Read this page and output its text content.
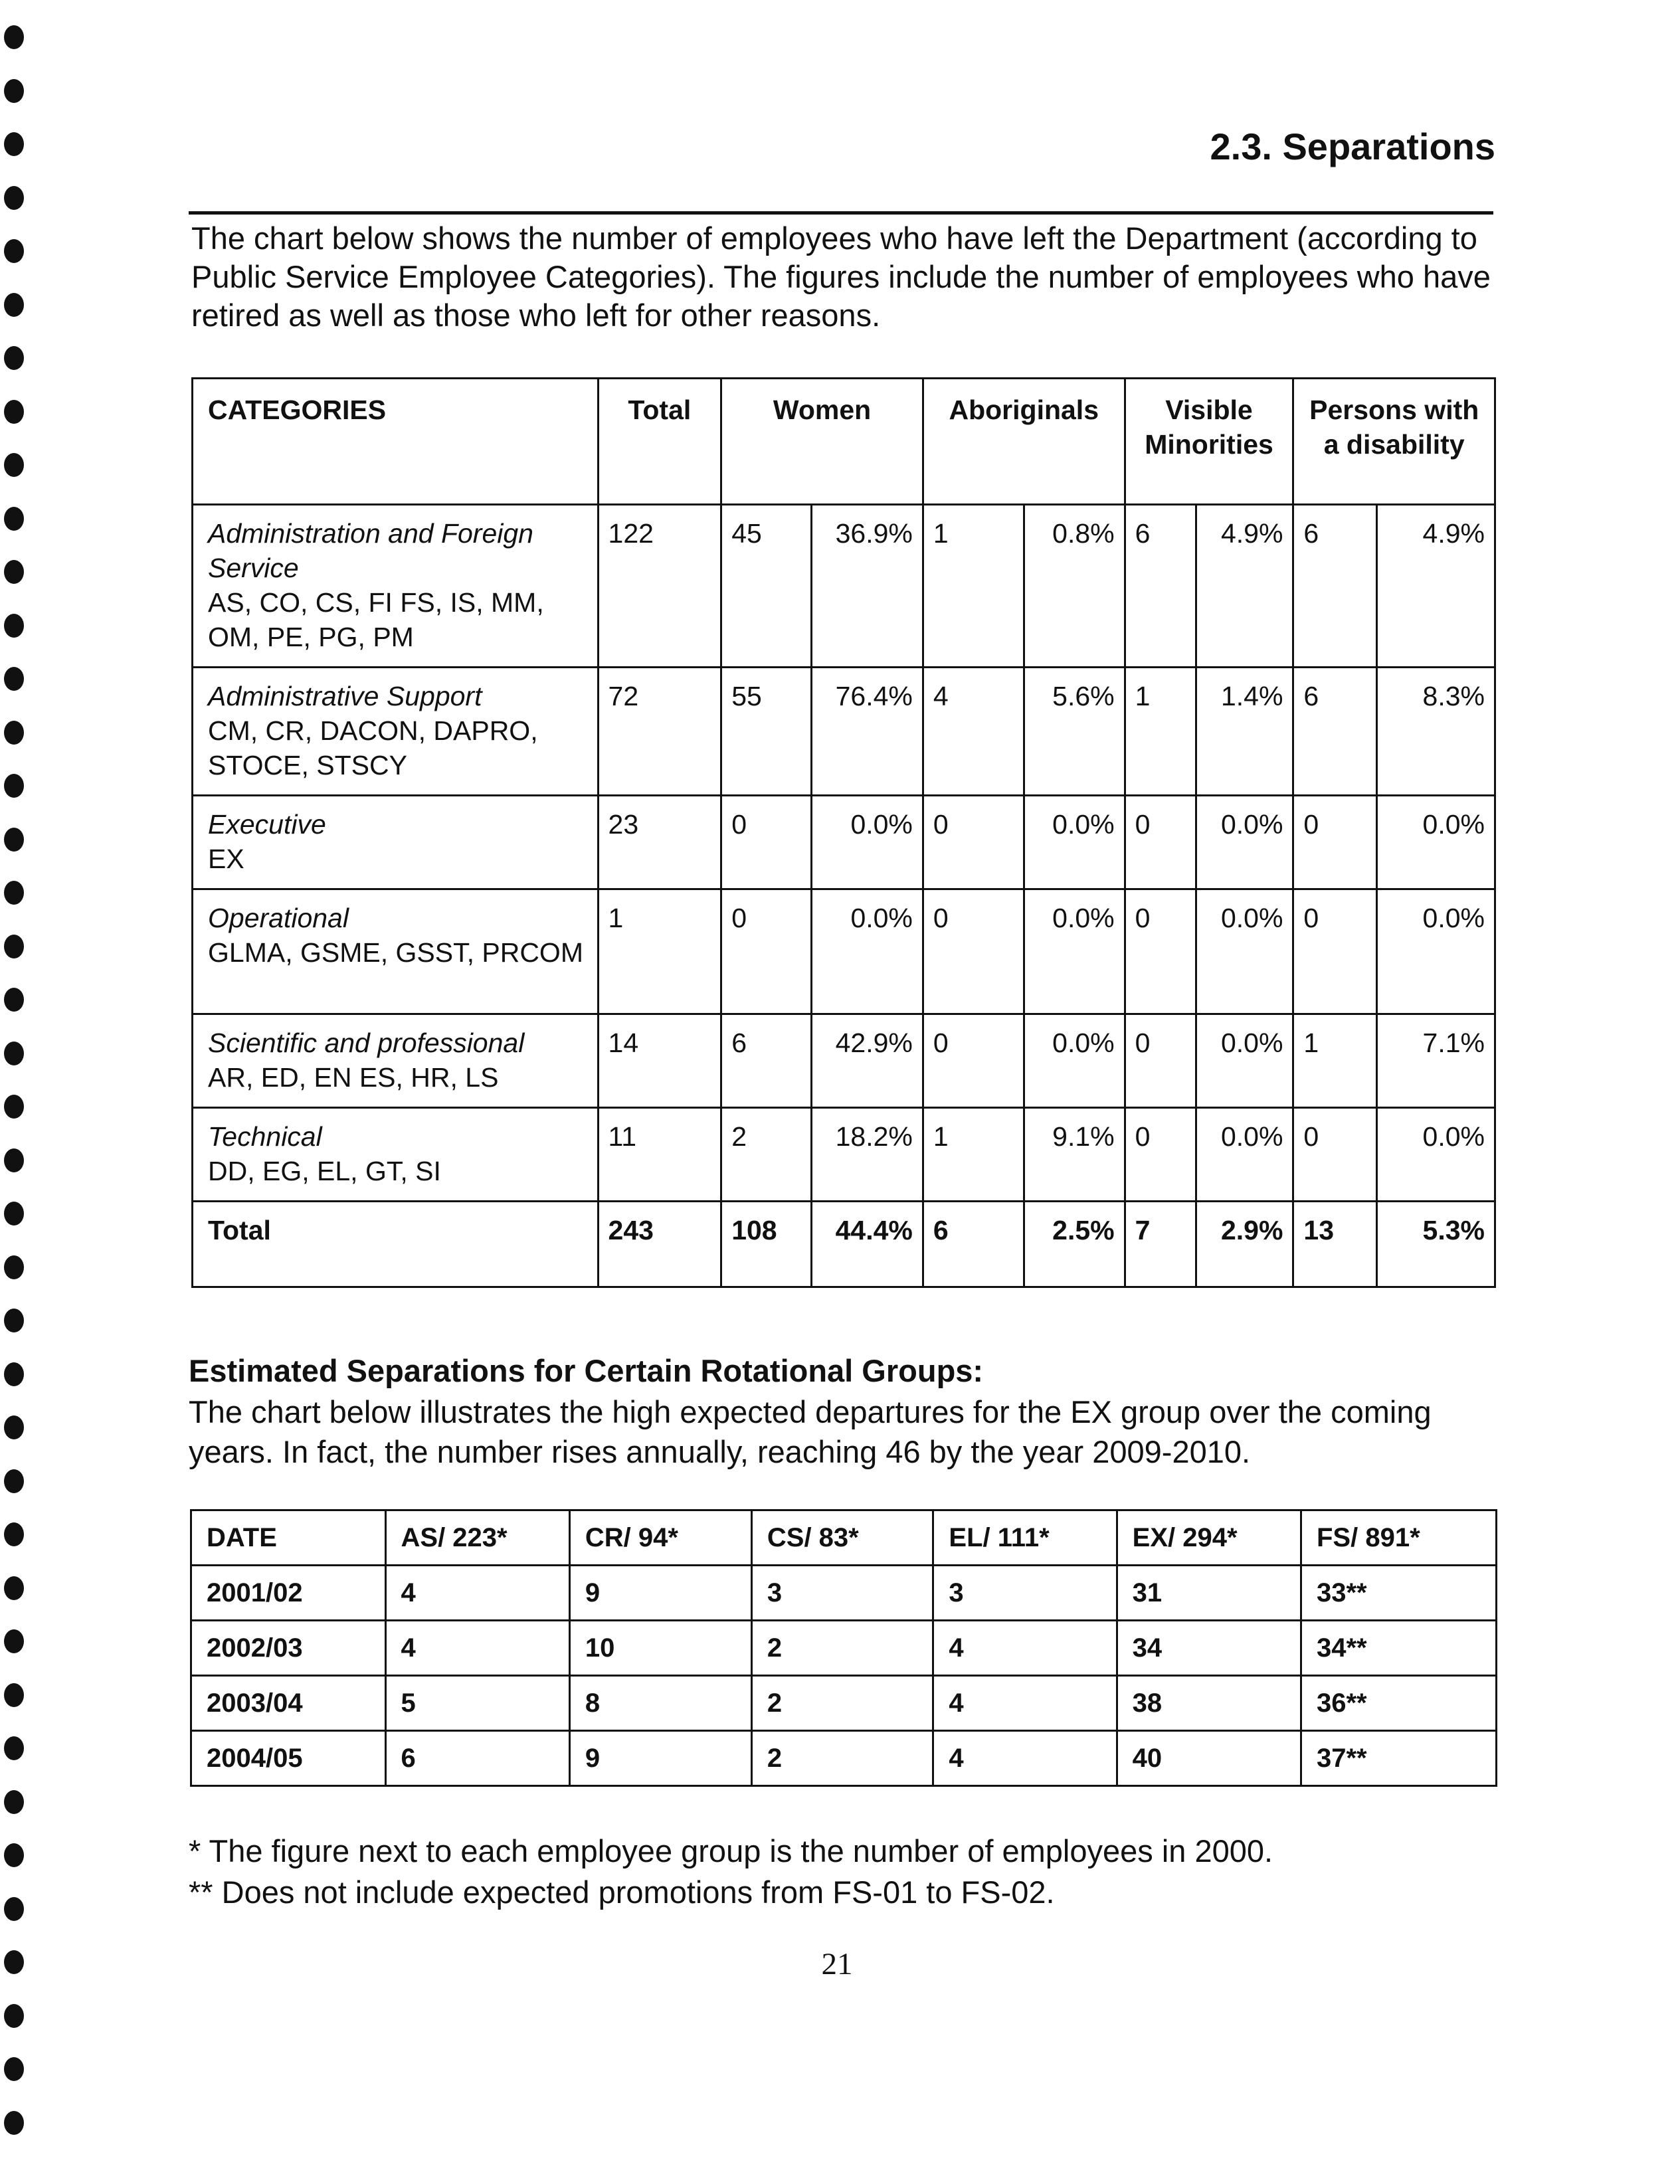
2.3. Separations

The chart below shows the number of employees who have left the Department (according to Public Service Employee Categories). The figures include the number of employees who have retired as well as those who left for other reasons.

CATEGORIES	Total	Women		Aboriginals		Visible Minorities		Persons with a disability	

Administration and Foreign Service
AS, CO, CS, FI FS, IS, MM, OM, PE, PG, PM	122	45	36.9%	1	0.8%	6	4.9%	6	4.9%

Administrative Support
CM, CR, DACON, DAPRO, STOCE, STSCY	72	55	76.4%	4	5.6%	1	1.4%	6	8.3%

Executive
EX	23	0	0.0%	0	0.0%	0	0.0%	0	0.0%

Operational
GLMA, GSME, GSST, PRCOM	1	0	0.0%	0	0.0%	0	0.0%	0	0.0%

Scientific and professional
AR, ED, EN ES, HR, LS	14	6	42.9%	0	0.0%	0	0.0%	1	7.1%

Technical
DD, EG, EL, GT, SI	11	2	18.2%	1	9.1%	0	0.0%	0	0.0%
Total	243	108	44.4%	6	2.5%	7	2.9%	13	5.3%
Estimated Separations for Certain Rotational Groups:

The chart below illustrates the high expected departures for the EX group over the coming years. In fact, the number rises annually, reaching 46 by the year 2009-2010.

DATE	AS/ 223*	CR/ 94*	CS/ 83*	EL/ 111*	EX/ 294*	FS/ 891*
2001/02	4	9	3	3	31	33**
2002/03	4	10	2	4	34	34**
2003/04	5	8	2	4	38	36**
2004/05	6	9	2	4	40	37**
* The figure next to each employee group is the number of employees in 2000.
** Does not include expected promotions from FS-01 to FS-02.
21
